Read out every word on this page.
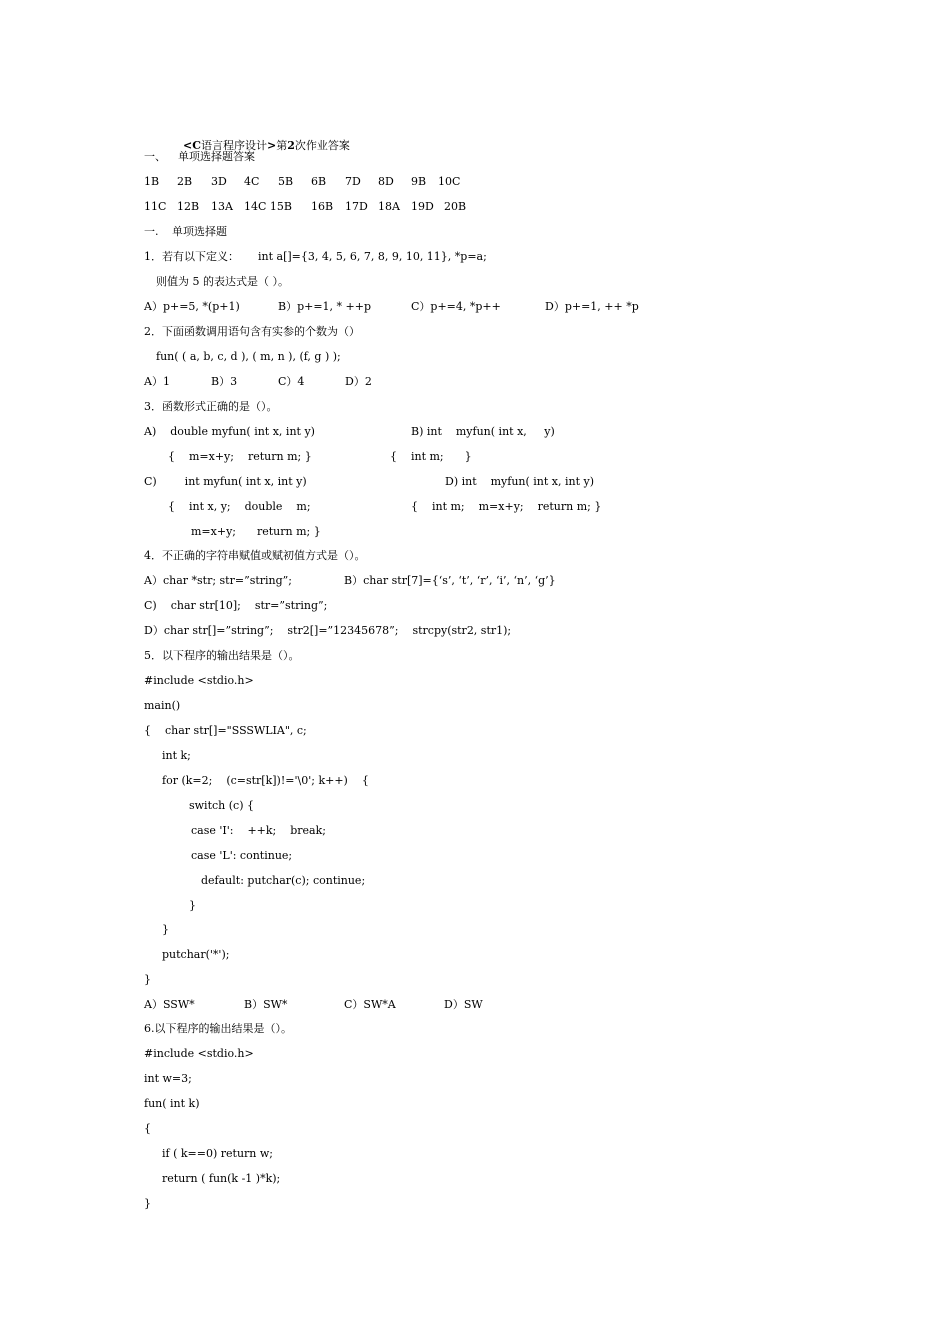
<C语言程序设计>第2次作业答案

一、 单项选择题答案
1B 2B 3D 4C 5B 6B 7D 8D 9B 10C
11C 12B 13A 14C 15B 16B 17D 18A 19D 20B
一. 单项选择题
1．若有以下定义： int a[]={3, 4, 5, 6, 7, 8, 9, 10, 11}, *p=a;
则值为 5 的表达式是（ ）。
A）p+=5, *(p+1)	B）p+=1, * ++p	C）p+=4, *p++	D）p+=1, ++ *p
2．下面函数调用语句含有实参的个数为（）
fun( ( a, b, c, d ), ( m, n ), (f, g ) );
A）1	B）3	C）4	D）2
3．函数形式正确的是（）。
A)    double myfun( int x, int y)	B) int    myfun( int x,     y)
{    m=x+y;    return m; }	{    int m;      }
C)        int myfun( int x, int y)	D) int    myfun( int x, int y)
{    int x, y;    double    m;	{    int m;    m=x+y;    return m; }
m=x+y;      return m; }
4．不正确的字符串赋值或赋初值方式是（）。
A）char *str; str=”string”;	B）char str[7]={‘s’, ‘t’, ‘r’, ‘i’, ‘n’, ‘g’}
C)    char str[10];    str=”string”;
D）char str[]=”string”;    str2[]=”12345678”;    strcpy(str2, str1);
5．以下程序的输出结果是（）。
#include <stdio.h>
main()
{    char str[]="SSSWLIA", c;
int k;
for (k=2;    (c=str[k])!='\0'; k++)    {
switch (c) {
case 'I':    ++k;    break;
case 'L': continue;
default: putchar(c); continue;
}
}
putchar('*');
}
A）SSW*	B）SW*	C）SW*A	D）SW
6.以下程序的输出结果是（）。
#include <stdio.h>
int w=3;
fun( int k)
{
if ( k==0) return w;
return ( fun(k -1 )*k);
}
